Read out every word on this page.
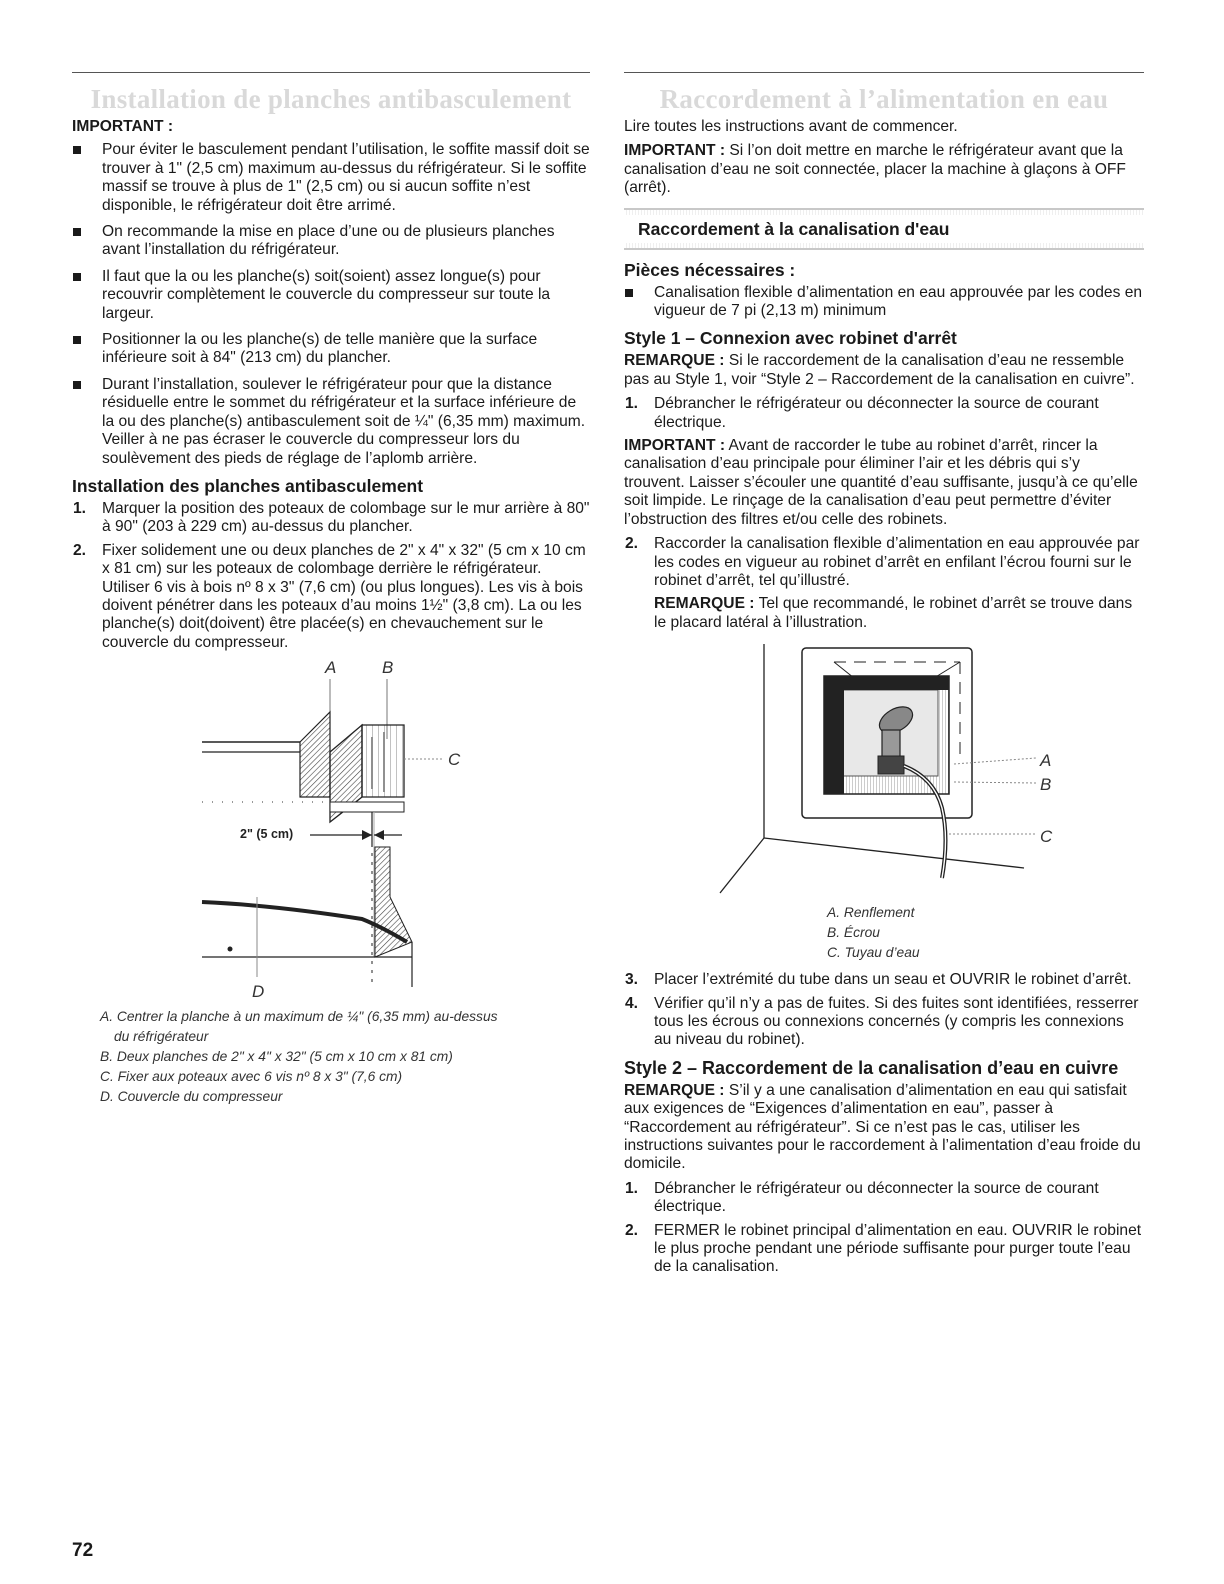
Installation de planches antibasculement

IMPORTANT :

Pour éviter le basculement pendant l’utilisation, le soffite massif doit se trouver à 1" (2,5 cm) maximum au-dessus du réfrigérateur. Si le soffite massif se trouve à plus de 1" (2,5 cm) ou si aucun soffite n’est disponible, le réfrigérateur doit être arrimé.
On recommande la mise en place d’une ou de plusieurs planches avant l’installation du réfrigérateur.
Il faut que la ou les planche(s) soit(soient) assez longue(s) pour recouvrir complètement le couvercle du compresseur sur toute la largeur.
Positionner la ou les planche(s) de telle manière que la surface inférieure soit à 84" (213 cm) du plancher.
Durant l’installation, soulever le réfrigérateur pour que la distance résiduelle entre le sommet du réfrigérateur et la surface inférieure de la ou des planche(s) antibasculement soit de ¼" (6,35 mm) maximum. Veiller à ne pas écraser le couvercle du compresseur lors du soulèvement des pieds de réglage de l’aplomb arrière.

Installation des planches antibasculement

1. Marquer la position des poteaux de colombage sur le mur arrière à 80" à 90" (203 à 229 cm) au-dessus du plancher.
2. Fixer solidement une ou deux planches de 2" x 4" x 32" (5 cm x 10 cm x 81 cm) sur les poteaux de colombage derrière le réfrigérateur. Utiliser 6 vis à bois nº 8 x 3" (7,6 cm) (ou plus longues). Les vis à bois doivent pénétrer dans les poteaux d’au moins 1½" (3,8 cm). La ou les planche(s) doit(doivent) être placée(s) en chevauchement sur le couvercle du compresseur.
A	B
C
2" (5 cm)
D

A. Centrer la planche à un maximum de ¼" (6,35 mm) au-dessus

du réfrigérateur

B. Deux planches de 2" x 4" x 32" (5 cm x 10 cm x 81 cm)

C. Fixer aux poteaux avec 6 vis nº 8 x 3" (7,6 cm)

D. Couvercle du compresseur

Raccordement à l’alimentation en eau

Lire toutes les instructions avant de commencer.

IMPORTANT : Si l’on doit mettre en marche le réfrigérateur avant que la canalisation d’eau ne soit connectée, placer la machine à glaçons à OFF (arrêt).

Raccordement à la canalisation d'eau

Pièces nécessaires :

Canalisation flexible d’alimentation en eau approuvée par les codes en vigueur de 7 pi (2,13 m) minimum

Style 1 – Connexion avec robinet d'arrêt

REMARQUE : Si le raccordement de la canalisation d’eau ne ressemble pas au Style 1, voir “Style 2 – Raccordement de la canalisation en cuivre”.

1. Débrancher le réfrigérateur ou déconnecter la source de courant électrique.

IMPORTANT : Avant de raccorder le tube au robinet d’arrêt, rincer la canalisation d’eau principale pour éliminer l’air et les débris qui s’y trouvent. Laisser s’écouler une quantité d’eau suffisante, jusqu’à ce qu’elle soit limpide. Le rinçage de la canalisation d’eau peut permettre d’éviter l’obstruction des filtres et/ou celle des robinets.

2. Raccorder la canalisation flexible d’alimentation en eau approuvée par les codes en vigueur au robinet d’arrêt en enfilant l’écrou fourni sur le robinet d’arrêt, tel qu’illustré.

REMARQUE : Tel que recommandé, le robinet d’arrêt se trouve dans le placard latéral à l’illustration.

A
B
C

A. Renflement

B. Écrou

C. Tuyau d’eau

3. Placer l’extrémité du tube dans un seau et OUVRIR le robinet d’arrêt.
4. Vérifier qu’il n’y a pas de fuites. Si des fuites sont identifiées, resserrer tous les écrous ou connexions concernés (y compris les connexions au niveau du robinet).

Style 2 – Raccordement de la canalisation d’eau en cuivre

REMARQUE : S’il y a une canalisation d’alimentation en eau qui satisfait aux exigences de “Exigences d’alimentation en eau”, passer à “Raccordement au réfrigérateur”. Si ce n’est pas le cas, utiliser les instructions suivantes pour le raccordement à l’alimentation d’eau froide du domicile.

1. Débrancher le réfrigérateur ou déconnecter la source de courant électrique.
2. FERMER le robinet principal d’alimentation en eau. OUVRIR le robinet le plus proche pendant une période suffisante pour purger toute l’eau de la canalisation.
72
